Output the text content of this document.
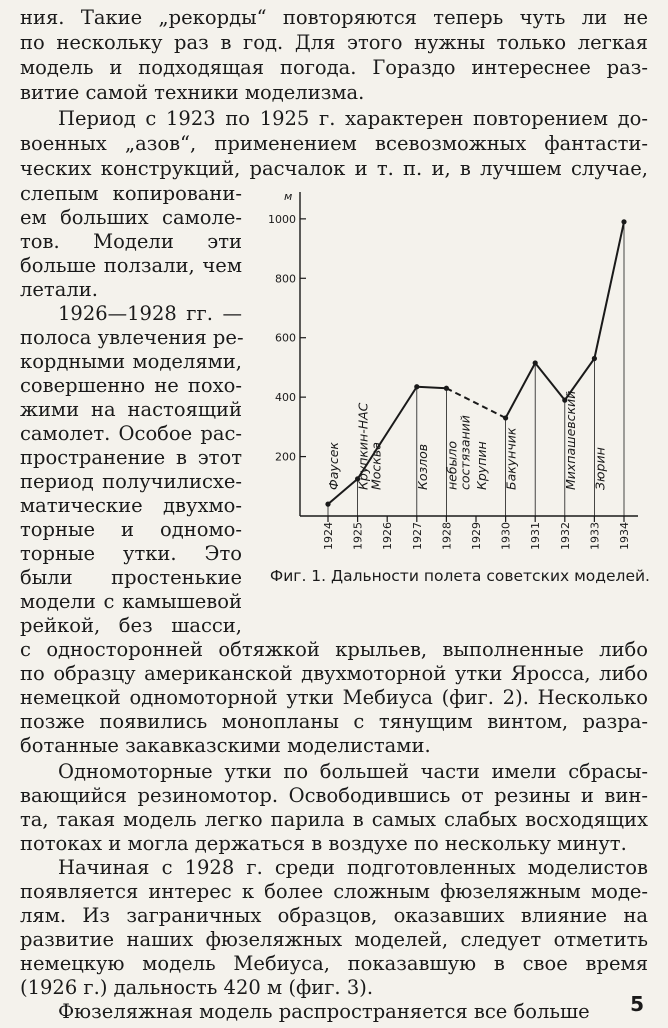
ния. Такие „рекорды“ повторяются теперь чуть ли не
по нескольку раз в год. Для этого нужны только легкая
модель и подходящая погода. Гораздо интереснее раз-
витие самой техники моделизма.
Период с 1923 по 1925 г. характерен повторением до-
военных „азов“, применением всевозможных фантасти-
ческих конструкций, расчалок и т. п. и, в лучшем случае,
слепым копировани-
ем больших самоле-
тов. Модели эти
больше ползали, чем
летали.
1926—1928 гг. —
полоса увлечения ре-
кордными моделями,
совершенно не похо-
жими на настоящий
самолет. Особое рас-
пространение в этот
период получилисхе-
матические двухмо-
торные и одномо-
торные утки. Это
были простенькие
модели с камышевой
рейкой, без шасси,
с односторонней обтяжкой крыльев, выполненные либо
по образцу американской двухмоторной утки Яросса, либо
немецкой одномоторной утки Мебиуса (фиг. 2). Несколько
позже появились монопланы с тянущим винтом, разра-
ботанные закавказскими моделистами.
Одномоторные утки по большей части имели сбрасы-
вающийся резиномотор. Освободившись от резины и вин-
та, такая модель легко парила в самых слабых восходящих
потоках и могла держаться в воздухе по нескольку минут.
Начиная с 1928 г. среди подготовленных моделистов
появляется интерес к более сложным фюзеляжным моде-
лям. Из заграничных образцов, оказавших влияние на
развитие наших фюзеляжных моделей, следует отметить
немецкую модель Мебиуса, показавшую в свое время
(1926 г.) дальность 420 м (фиг. 3).
Фюзеляжная модель распространяется все больше
м
200
400
600
800
1000
1924 1925 1926 1927 1928 1929 1930 1931 1932 1933 1934
Фаусек Крупкин-НАС
Москва Козлов небыло
состязаний Крупин Бакунчик	Михпашевский Зюрин
Фиг. 1. Дальности полета советских моделей.
5
